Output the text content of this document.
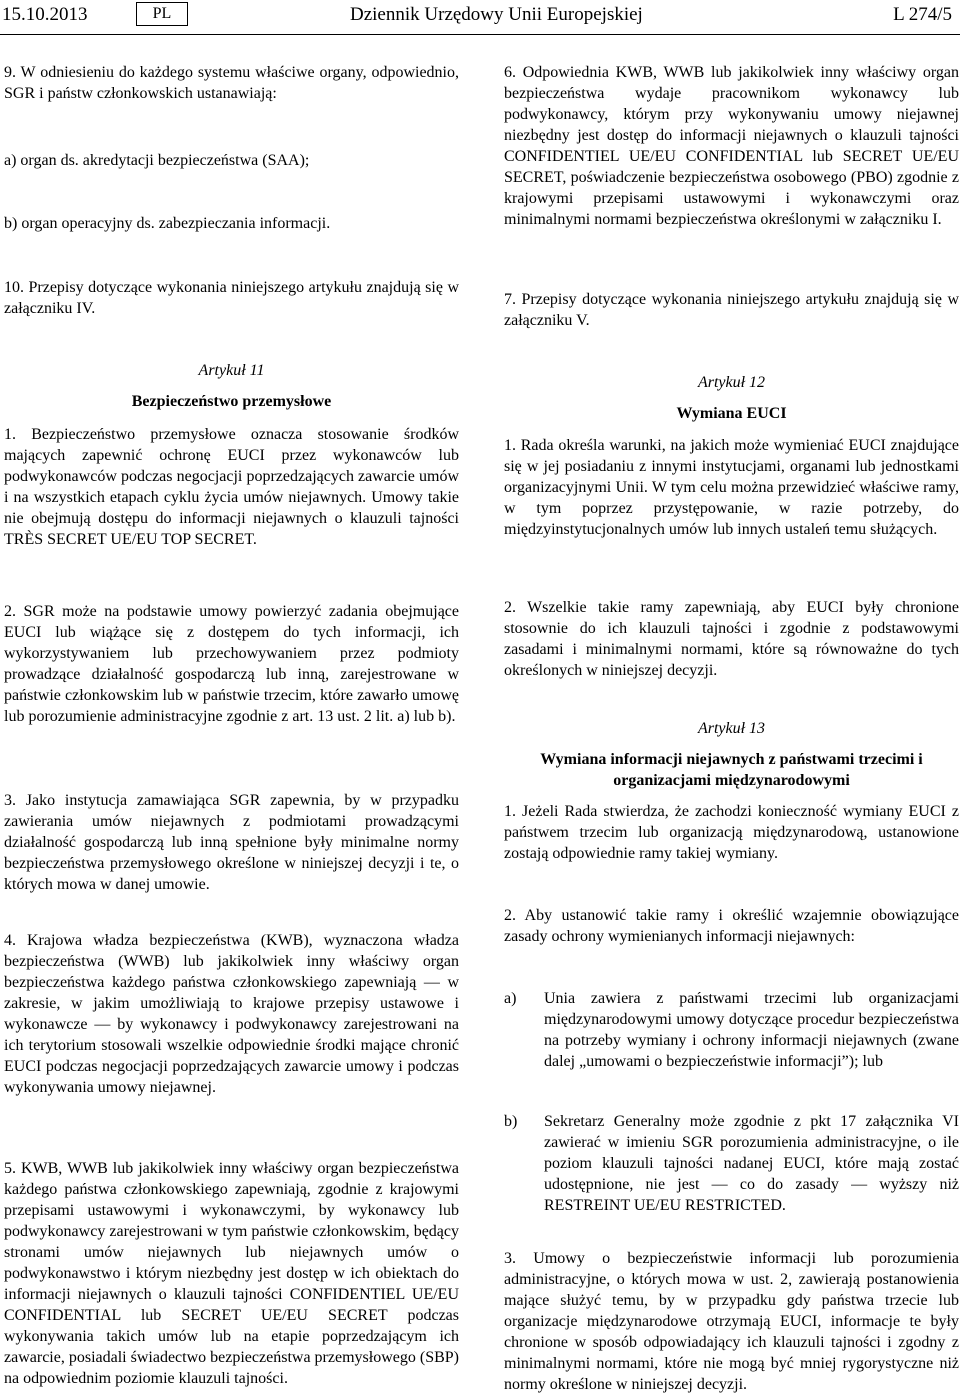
15.10.2013	PL	Dziennik Urzędowy Unii Europejskiej	L 274/5

9. W odniesieniu do każdego systemu właściwe organy, odpowiednio, SGR i państw członkowskich ustanawiają:

a) organ ds. akredytacji bezpieczeństwa (SAA);

b) organ operacyjny ds. zabezpieczania informacji.

10. Przepisy dotyczące wykonania niniejszego artykułu znajdują się w załączniku IV.

Artykuł 11
Bezpieczeństwo przemysłowe

1. Bezpieczeństwo przemysłowe oznacza stosowanie środków mających zapewnić ochronę EUCI przez wykonawców lub podwykonawców podczas negocjacji poprzedzających zawarcie umów i na wszystkich etapach cyklu życia umów niejawnych. Umowy takie nie obejmują dostępu do informacji niejawnych o klauzuli tajności TRÈS SECRET UE/EU TOP SECRET.

2. SGR może na podstawie umowy powierzyć zadania obejmujące EUCI lub wiążące się z dostępem do tych informacji, ich wykorzystywaniem lub przechowywaniem przez podmioty prowadzące działalność gospodarczą lub inną, zarejestrowane w państwie członkowskim lub w państwie trzecim, które zawarło umowę lub porozumienie administracyjne zgodnie z art. 13 ust. 2 lit. a) lub b).

3. Jako instytucja zamawiająca SGR zapewnia, by w przypadku zawierania umów niejawnych z podmiotami prowadzącymi działalność gospodarczą lub inną spełnione były minimalne normy bezpieczeństwa przemysłowego określone w niniejszej decyzji i te, o których mowa w danej umowie.

4. Krajowa władza bezpieczeństwa (KWB), wyznaczona władza bezpieczeństwa (WWB) lub jakikolwiek inny właściwy organ bezpieczeństwa każdego państwa członkowskiego zapewniają — w zakresie, w jakim umożliwiają to krajowe przepisy ustawowe i wykonawcze — by wykonawcy i podwykonawcy zarejestrowani na ich terytorium stosowali wszelkie odpowiednie środki mające chronić EUCI podczas negocjacji poprzedzających zawarcie umowy i podczas wykonywania umowy niejawnej.

5. KWB, WWB lub jakikolwiek inny właściwy organ bezpieczeństwa każdego państwa członkowskiego zapewniają, zgodnie z krajowymi przepisami ustawowymi i wykonawczymi, by wykonawcy lub podwykonawcy zarejestrowani w tym państwie członkowskim, będący stronami umów niejawnych lub niejawnych umów o podwykonawstwo i którym niezbędny jest dostęp w ich obiektach do informacji niejawnych o klauzuli tajności CONFIDENTIEL UE/EU CONFIDENTIAL lub SECRET UE/EU SECRET podczas wykonywania takich umów lub na etapie poprzedzającym ich zawarcie, posiadali świadectwo bezpieczeństwa przemysłowego (SBP) na odpowiednim poziomie klauzuli tajności.

6. Odpowiednia KWB, WWB lub jakikolwiek inny właściwy organ bezpieczeństwa wydaje pracownikom wykonawcy lub podwykonawcy, którym przy wykonywaniu umowy niejawnej niezbędny jest dostęp do informacji niejawnych o klauzuli tajności CONFIDENTIEL UE/EU CONFIDENTIAL lub SECRET UE/EU SECRET, poświadczenie bezpieczeństwa osobowego (PBO) zgodnie z krajowymi przepisami ustawowymi i wykonawczymi oraz minimalnymi normami bezpieczeństwa określonymi w załączniku I.

7. Przepisy dotyczące wykonania niniejszego artykułu znajdują się w załączniku V.

Artykuł 12
Wymiana EUCI

1. Rada określa warunki, na jakich może wymieniać EUCI znajdujące się w jej posiadaniu z innymi instytucjami, organami lub jednostkami organizacyjnymi Unii. W tym celu można przewidzieć właściwe ramy, w tym poprzez przystępowanie, w razie potrzeby, do międzyinstytucjonalnych umów lub innych ustaleń temu służących.

2. Wszelkie takie ramy zapewniają, aby EUCI były chronione stosownie do ich klauzuli tajności i zgodnie z podstawowymi zasadami i minimalnymi normami, które są równoważne do tych określonych w niniejszej decyzji.

Artykuł 13
Wymiana informacji niejawnych z państwami trzecimi i organizacjami międzynarodowymi

1. Jeżeli Rada stwierdza, że zachodzi konieczność wymiany EUCI z państwem trzecim lub organizacją międzynarodową, ustanowione zostają odpowiednie ramy takiej wymiany.

2. Aby ustanowić takie ramy i określić wzajemnie obowiązujące zasady ochrony wymienianych informacji niejawnych:

a) Unia zawiera z państwami trzecimi lub organizacjami międzynarodowymi umowy dotyczące procedur bezpieczeństwa na potrzeby wymiany i ochrony informacji niejawnych (zwane dalej „umowami o bezpieczeństwie informacji”); lub
b) Sekretarz Generalny może zgodnie z pkt 17 załącznika VI zawierać w imieniu SGR porozumienia administracyjne, o ile poziom klauzuli tajności nadanej EUCI, które mają zostać udostępnione, nie jest — co do zasady — wyższy niż RESTREINT UE/EU RESTRICTED.

3. Umowy o bezpieczeństwie informacji lub porozumienia administracyjne, o których mowa w ust. 2, zawierają postanowienia mające służyć temu, by w przypadku gdy państwa trzecie lub organizacje międzynarodowe otrzymają EUCI, informacje te były chronione w sposób odpowiadający ich klauzuli tajności i zgodny z minimalnymi normami, które nie mogą być mniej rygorystyczne niż normy określone w niniejszej decyzji.
